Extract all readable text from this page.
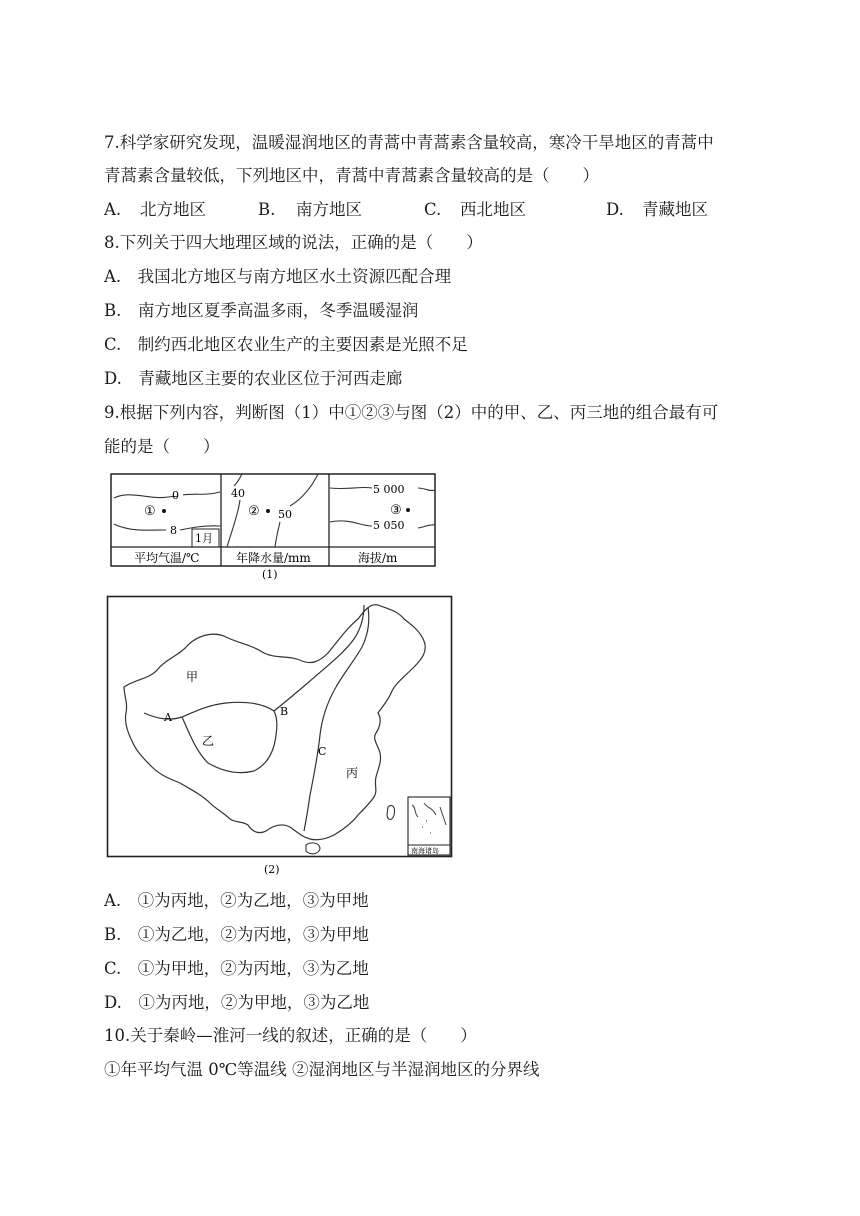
7.科学家研究发现，温暖湿润地区的青蒿中青蒿素含量较高，寒冷干旱地区的青蒿中
青蒿素含量较低，下列地区中，青蒿中青蒿素含量较高的是（　　）
A. 北方地区	B. 南方地区	C. 西北地区	D. 青藏地区
8.下列关于四大地理区域的说法，正确的是（　　）
A.　我国北方地区与南方地区水土资源匹配合理
B.　南方地区夏季高温多雨，冬季温暖湿润
C.　制约西北地区农业生产的主要因素是光照不足
D.　青藏地区主要的农业区位于河西走廊
9.根据下列内容，判断图（1）中①②③与图（2）中的甲、乙、丙三地的组合最有可
能的是（　　）
0
8
①
1月
平均气温/℃
40
50
②
年降水量/mm
5 000
5 050
③
海拔/m
(1)
甲
A
乙
B
C
丙
南海诸岛
(2)
A.　①为丙地，②为乙地，③为甲地
B.　①为乙地，②为丙地，③为甲地
C.　①为甲地，②为丙地，③为乙地
D.　①为丙地，②为甲地，③为乙地
10.关于秦岭—淮河一线的叙述，正确的是（　　）
①年平均气温 0℃等温线 ②湿润地区与半湿润地区的分界线
